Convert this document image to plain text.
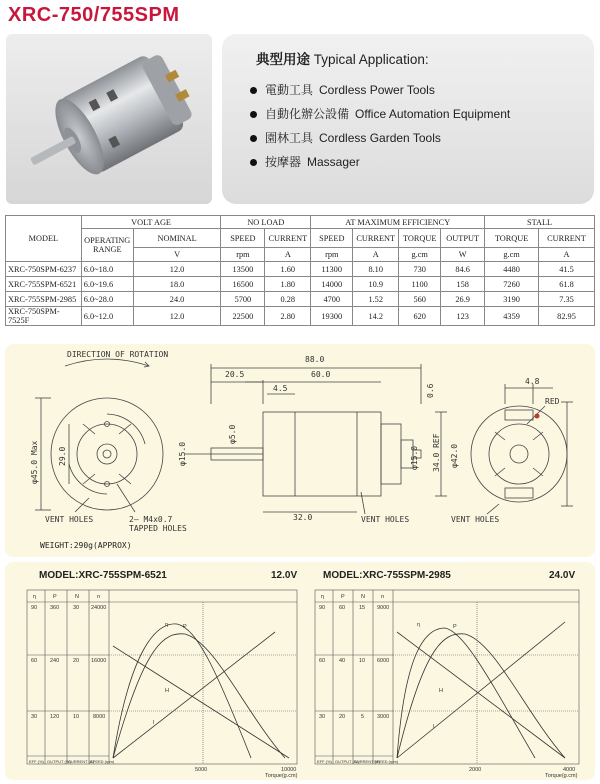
XRC-750/755SPM
典型用途 Typical Application:
電動工具 Cordless Power Tools
自動化辦公設備 Office Automation Equipment
園林工具 Cordless Garden Tools
按摩器 Massager
MODEL	VOLT AGE		NO LOAD		AT MAXIMUM EFFICIENCY				STALL	
	OPERATING RANGE	NOMINAL	SPEED	CURRENT	SPEED	CURRENT	TORQUE	OUTPUT	TORQUE	CURRENT
		V	rpm	A	rpm	A	g.cm	W	g.cm	A
XRC-750SPM-6237	6.0~18.0	12.0	13500	1.60	11300	8.10	730	84.6	4480	41.5
XRC-755SPM-6521	6.0~19.6	18.0	16500	1.80	14000	10.9	1100	158	7260	61.8
XRC-755SPM-2985	6.0~28.0	24.0	5700	0.28	4700	1.52	560	26.9	3190	7.35
XRC-750SPM-7525F	6.0~12.0	12.0	22500	2.80	19300	14.2	620	123	4359	82.95
DIRECTION OF ROTATION
88.0
20.5	60.0
4.5	0.6
4.8
RED
φ5.0
φ15.0	φ15.0 34.0 REF φ42.0
φ45.0 Max 29.0
32.0
VENT HOLES	2— M4x0.7
TAPPED HOLES
VENT HOLES	VENT HOLES
WEIGHT:290g(APPROX)
MODEL:XRC-755SPM-6521	12.0V	MODEL:XRC-755SPM-2985	24.0V
η	P
H
I
η	P	N	n
90 360	30 24000
60 240	20 16000
30 120	10	8000
EFF (%) OUTPUT (W)
CURRENT (A)
SPEED (rpm)
5000	10000
Torque(g.cm)
η	P
H
I
η	P	N	n
90	60	15 9000
60	40	10 6000
30	20	5 3000
EFF (%) OUTPUT (W)
CURRENT (A)
SPEED (rpm)
2000	4000
Torque(g.cm)
